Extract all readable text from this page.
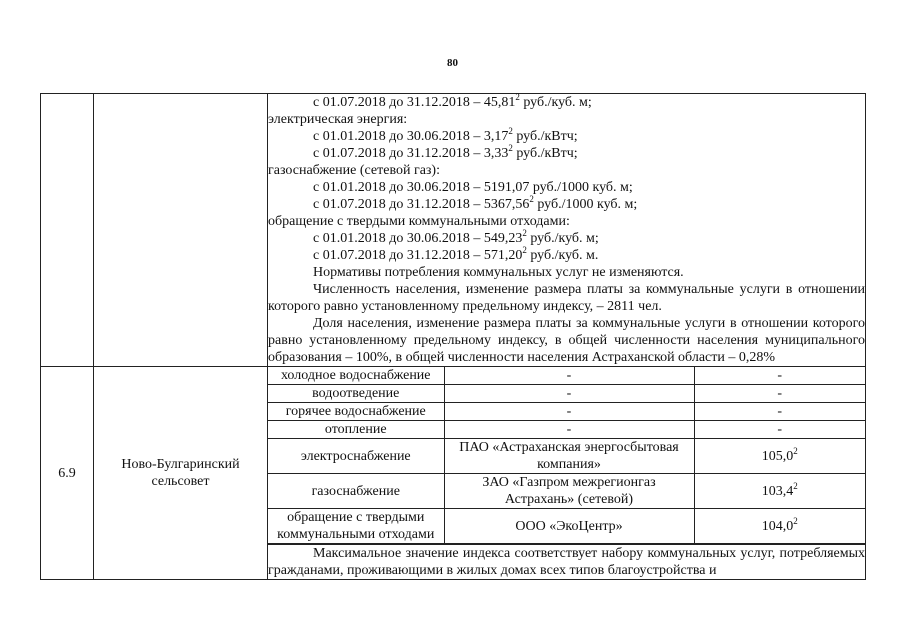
80

с 01.07.2018 до 31.12.2018 – 45,81$^2$ руб./куб. м;

электрическая энергия:

с 01.01.2018 до 30.06.2018 – 3,17$^2$ руб./кВтч;

с 01.07.2018 до 31.12.2018 – 3,33$^2$ руб./кВтч;

газоснабжение (сетевой газ):

с 01.01.2018 до 30.06.2018 – 5191,07 руб./1000 куб. м;

с 01.07.2018 до 31.12.2018 – 5367,56$^2$ руб./1000 куб. м;

обращение с твердыми коммунальными отходами:

с 01.01.2018 до 30.06.2018 – 549,23$^2$ руб./куб. м;

с 01.07.2018 до 31.12.2018 – 571,20$^2$ руб./куб. м.

Нормативы потребления коммунальных услуг не изменяются.

Численность населения, изменение размера платы за коммунальные услуги в отношении которого равно установленному предельному индексу, – 2811 чел.

Доля населения, изменение размера платы за коммунальные услуги в отношении которого равно установленному предельному индексу, в общей численности населения муниципального образования – 100%, в общей численности населения Астраханской области – 0,28%

6.9	Ново-Булгаринский сельсовет	
холодное водоснабжение	-	-
водоотведение	-	-
горячее водоснабжение	-	-
отопление	-	-
электроснабжение	ПАО «Астраханская энергосбытовая компания»	105,0$^2$
газоснабжение	ЗАО «Газпром межрегионгаз Астрахань» (сетевой)	103,4$^2$
обращение с твердыми коммунальными отходами	ООО «ЭкоЦентр»	104,0$^2$

Максимальное значение индекса соответствует набору коммунальных услуг, потребляемых гражданами, проживающими в жилых домах всех типов благоустройства и
